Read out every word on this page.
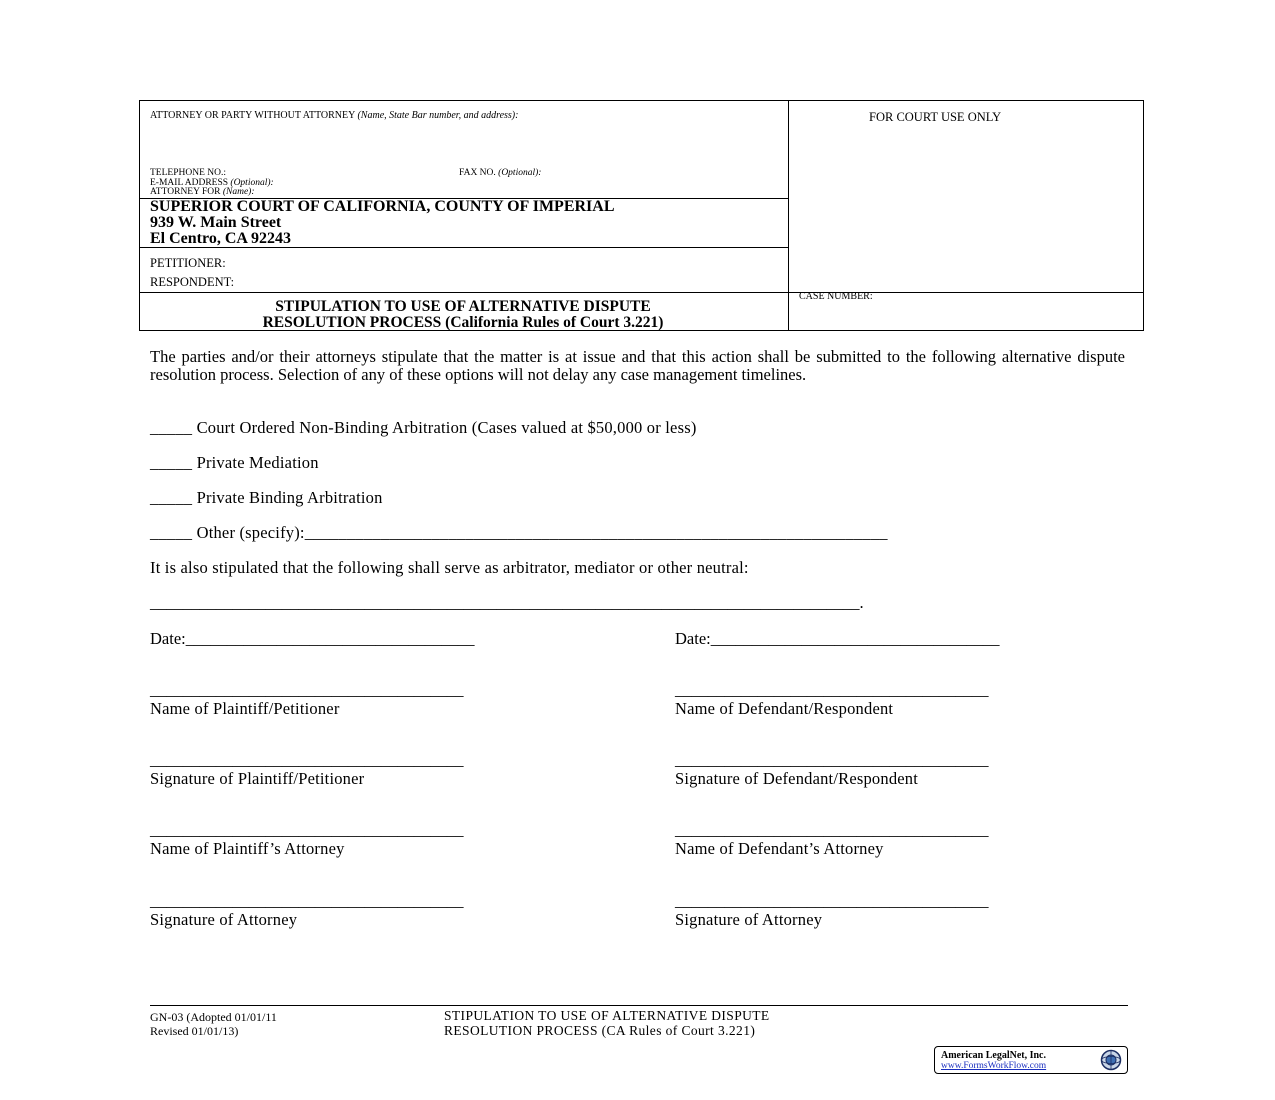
ATTORNEY OR PARTY WITHOUT ATTORNEY (Name, State Bar number, and address):	FOR COURT USE ONLY
TELEPHONE NO.:	FAX NO. (Optional):
E-MAIL ADDRESS (Optional):
ATTORNEY FOR (Name):
SUPERIOR COURT OF CALIFORNIA, COUNTY OF IMPERIAL
939 W. Main Street
El Centro, CA 92243
PETITIONER:
RESPONDENT:
STIPULATION TO USE OF ALTERNATIVE DISPUTE
RESOLUTION PROCESS (California Rules of Court 3.221)
CASE NUMBER:
The parties and/or their attorneys stipulate that the matter is at issue and that this action shall be submitted to the following alternative dispute resolution process. Selection of any of these options will not delay any case management timelines.
_____ Court Ordered Non-Binding Arbitration (Cases valued at $50,000 or less)
_____ Private Mediation
_____ Private Binding Arbitration
_____ Other (specify):_____________________________________________________________________
It is also stipulated that the following shall serve as arbitrator, mediator or other neutral:
______________________________________________________________________________________.
Date:___________________________________	Date:___________________________________
______________________________________	______________________________________
Name of Plaintiff/Petitioner	Name of Defendant/Respondent
______________________________________	______________________________________
Signature of Plaintiff/Petitioner	Signature of Defendant/Respondent
______________________________________	______________________________________
Name of Plaintiff’s Attorney	Name of Defendant’s Attorney
______________________________________	______________________________________
Signature of Attorney	Signature of Attorney
GN-03 (Adopted 01/01/11
Revised 01/01/13)
STIPULATION TO USE OF ALTERNATIVE DISPUTE
RESOLUTION PROCESS (CA Rules of Court 3.221)
American LegalNet, Inc.
www.FormsWorkFlow.com
